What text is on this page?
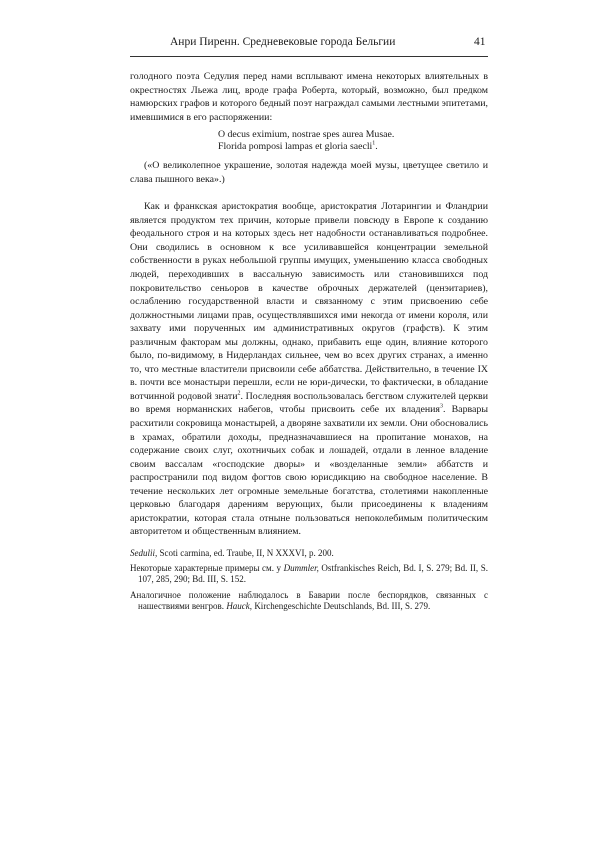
Анри Пиренн. Средневековые города Бельгии	41

голодного поэта Седулия перед нами всплывают имена некоторых влиятельных в окрестностях Льежа лиц, вроде графа Роберта, который, возможно, был предком намюрских графов и которого бедный поэт награждал самыми лестными эпитетами, имевшимися в его распоряжении:

O decus eximium, nostrae spes aurea Musae.
Florida pomposi lampas et gloria saecli$^1$.

(«О великолепное украшение, золотая надежда моей музы, цветущее светило и слава пышного века».)

Как и франкская аристократия вообще, аристократия Лотарингии и Фландрии является продуктом тех причин, которые привели повсюду в Европе к созданию феодального строя и на которых здесь нет надобности останавливаться подробнее. Они сводились в основном к все усиливавшейся концентрации земельной собственности в руках небольшой группы имущих, уменьшению класса свободных людей, переходивших в вассальную зависимость или становившихся под покровительство сеньоров в качестве оброчных держателей (ценэитариев), ослаблению государственной власти и связанному с этим присвоению себе должностными лицами прав, осуществлявшихся ими некогда от имени короля, или захвату ими порученных им административных округов (графств). К этим различным факторам мы должны, однако, прибавить еще один, влияние которого было, по-видимому, в Нидерландах сильнее, чем во всех других странах, а именно то, что местные властители присвоили себе аббатства. Действительно, в течение IX в. почти все монастыри перешли, если не юри-дически, то фактически, в обладание вотчинной родовой знати$^2$. Последняя воспользовалась бегством служителей церкви во время норманнских набегов, чтобы присвоить себе их владения$^3$. Варвары расхитили сокровища монастырей, а дворяне захватили их земли. Они обосновались в храмах, обратили доходы, предназначавшиеся на пропитание монахов, на содержание своих слуг, охотничьих собак и лошадей, отдали в ленное владение своим вассалам «господские дворы» и «возделанные земли» аббатств и распространили под видом фогтов свою юрисдикцию на свободное население. В течение нескольких лет огромные земельные богатства, столетиями накопленные церковью благодаря дарениям верующих, были присоединены к владениям аристократии, которая стала отныне пользоваться непоколебимым политическим авторитетом и общественным влиянием.

Sedulii, Scoti carmina, ed. Traube, II, N XXXVI, p. 200.

Некоторые характерные примеры см. у Dummler, Ostfrankisches Reich, Bd. I, S. 279; Bd. II, S. 107, 285, 290; Bd. III, S. 152.

Аналогичное положение наблюдалось в Баварии после беспорядков, связанных с нашествиями венгров. Hauck, Kirchengeschichte Deutschlands, Bd. III, S. 279.
